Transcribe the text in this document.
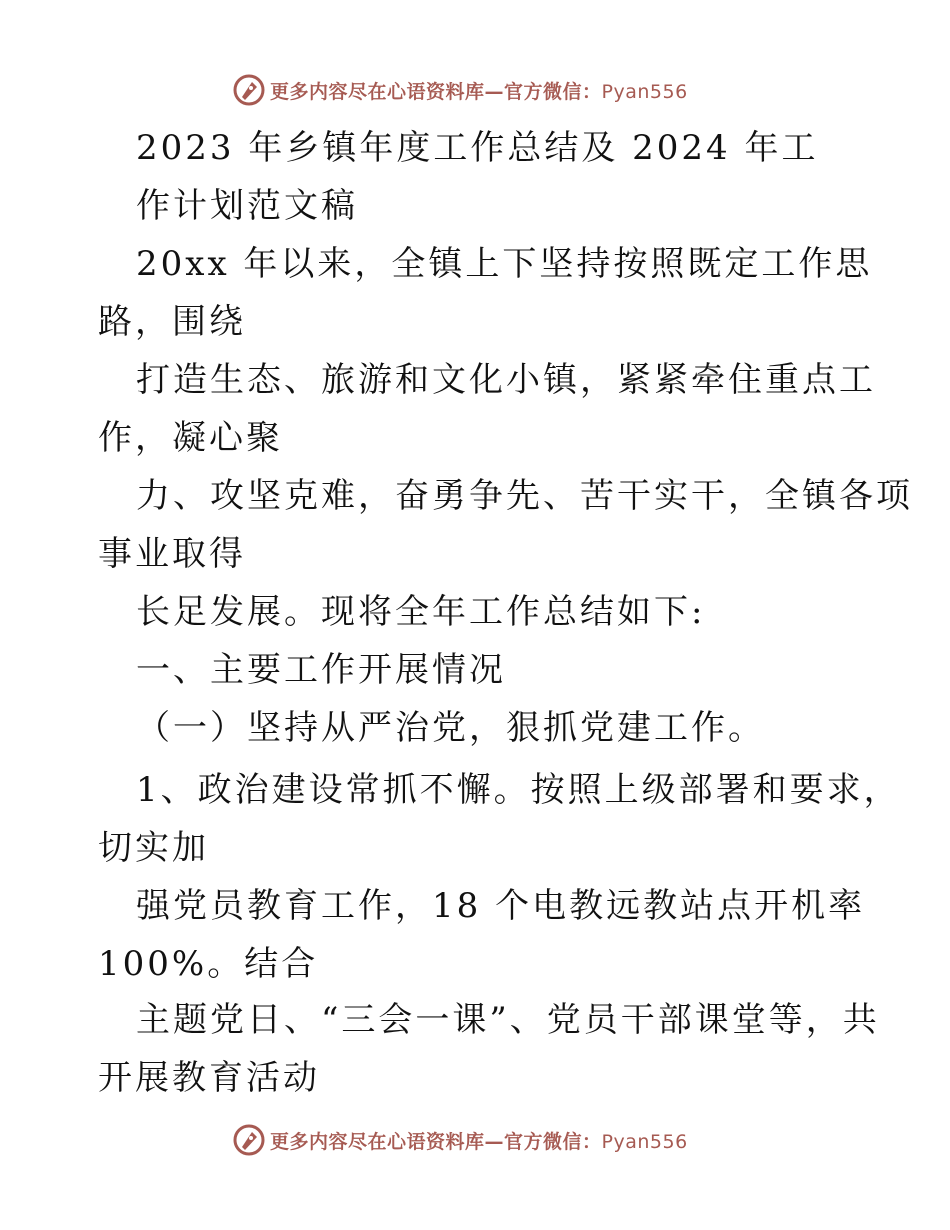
更多内容尽在心语资料库—官方微信：Pyan556
2023 年乡镇年度工作总结及 2024 年工
作计划范文稿
20xx 年以来，全镇上下坚持按照既定工作思
路，围绕
打造生态、旅游和文化小镇，紧紧牵住重点工
作，凝心聚
力、攻坚克难，奋勇争先、苦干实干，全镇各项
事业取得
长足发展。现将全年工作总结如下:
一、主要工作开展情况
（一）坚持从严治党，狠抓党建工作。
1、政治建设常抓不懈。按照上级部署和要求，
切实加
强党员教育工作，18 个电教远教站点开机率
100%。结合
主题党日、“三会一课”、党员干部课堂等，共
开展教育活动
更多内容尽在心语资料库—官方微信：Pyan556
